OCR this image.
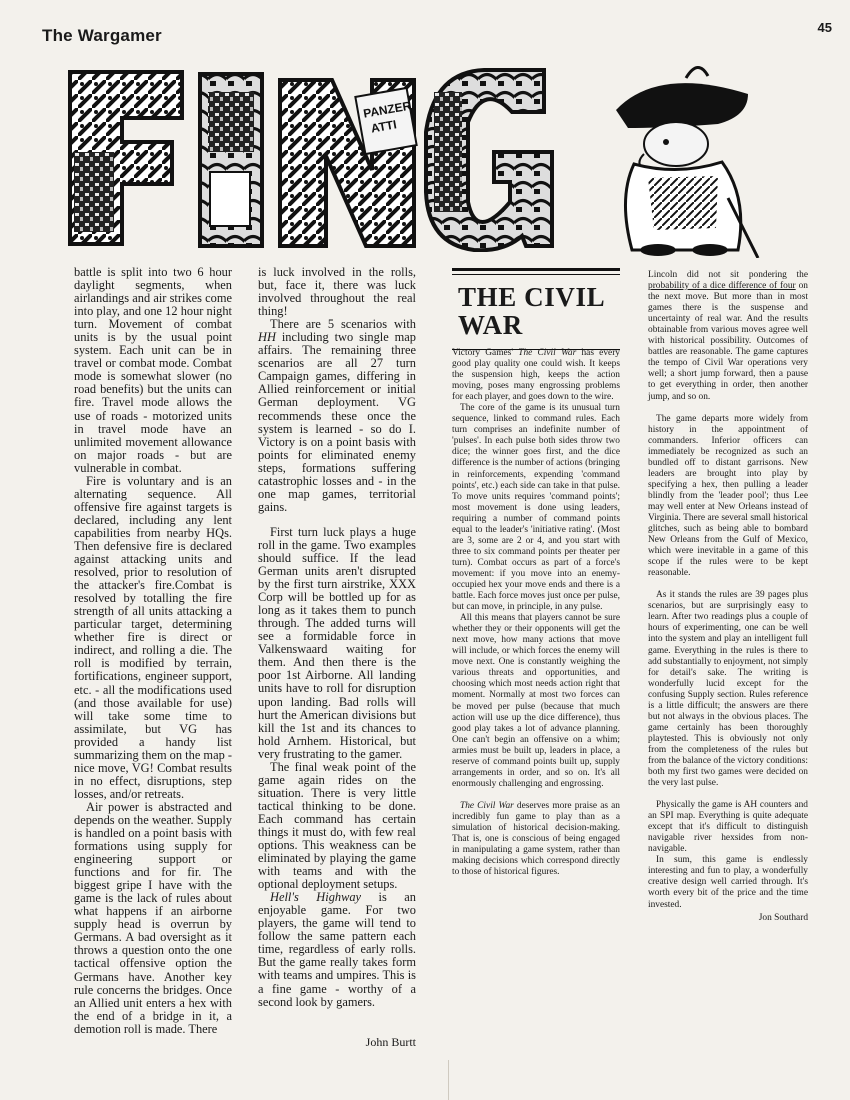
The Wargamer	45
PANZER
ATTI

battle is split into two 6 hour daylight segments, when airlandings and air strikes come into play, and one 12 hour night turn. Movement of combat units is by the usual point system. Each unit can be in travel or combat mode. Combat mode is somewhat slower (no road benefits) but the units can fire. Travel mode allows the use of roads - motorized units in travel mode have an unlimited movement allowance on major roads - but are vulnerable in combat.

Fire is voluntary and is an alternating sequence. All offensive fire against targets is declared, including any lent capabilities from nearby HQs. Then defensive fire is declared against attacking units and resolved, prior to resolution of the attacker's fire.Combat is resolved by totalling the fire strength of all units attacking a particular target, determining whether fire is direct or indirect, and rolling a die. The roll is modified by terrain, fortifications, engineer support, etc. - all the modifications used (and those available for use) will take some time to assimilate, but VG has provided a handy list summarizing them on the map - nice move, VG! Combat results in no effect, disruptions, step losses, and/or retreats.

Air power is abstracted and depends on the weather. Supply is handled on a point basis with formations using supply for engineering support or functions and for fir. The biggest gripe I have with the game is the lack of rules about what happens if an airborne supply head is overrun by Germans. A bad oversight as it throws a question onto the one tactical offensive option the Germans have. Another key rule concerns the bridges. Once an Allied unit enters a hex with the end of a bridge in it, a demotion roll is made. There

is luck involved in the rolls, but, face it, there was luck involved throughout the real thing!

There are 5 scenarios with HH including two single map affairs. The remaining three scenarios are all 27 turn Campaign games, differing in Allied reinforcement or initial German deployment. VG recommends these once the system is learned - so do I. Victory is on a point basis with points for eliminated enemy steps, formations suffering catastrophic losses and - in the one map games, territorial gains.

First turn luck plays a huge roll in the game. Two examples should suffice. If the lead German units aren't disrupted by the first turn airstrike, XXX Corp will be bottled up for as long as it takes them to punch through. The added turns will see a formidable force in Valkenswaard waiting for them. And then there is the poor 1st Airborne. All landing units have to roll for disruption upon landing. Bad rolls will hurt the American divisions but kill the 1st and its chances to hold Arnhem. Historical, but very frustrating to the gamer.

The final weak point of the game again rides on the situation. There is very little tactical thinking to be done. Each command has certain things it must do, with few real options. This weakness can be eliminated by playing the game with teams and with the optional deployment setups.

Hell's Highway is an enjoyable game. For two players, the game will tend to follow the same pattern each time, regardless of early rolls. But the game really takes form with teams and umpires. This is a fine game - worthy of a second look by gamers.

John Burtt
THE CIVIL WAR

Victory Games' The Civil War has every good play quality one could wish. It keeps the suspension high, keeps the action moving, poses many engrossing problems for each player, and goes down to the wire.

The core of the game is its unusual turn sequence, linked to command rules. Each turn comprises an indefinite number of 'pulses'. In each pulse both sides throw two dice; the winner goes first, and the dice difference is the number of actions (bringing in reinforcements, expending 'command points', etc.) each side can take in that pulse. To move units requires 'command points'; most movement is done using leaders, requiring a number of command points equal to the leader's 'initiative rating'. (Most are 3, some are 2 or 4, and you start with three to six command points per theater per turn). Combat occurs as part of a force's movement: if you move into an enemy-occupied hex your move ends and there is a battle. Each force moves just once per pulse, but can move, in principle, in any pulse.

All this means that players cannot be sure whether they or their opponents will get the next move, how many actions that move will include, or which forces the enemy will move next. One is constantly weighing the various threats and opportunities, and choosing which most needs action right that moment. Normally at most two forces can be moved per pulse (because that much action will use up the dice difference), thus good play takes a lot of advance planning. One can't begin an offensive on a whim; armies must be built up, leaders in place, a reserve of command points built up, supply arrangements in order, and so on. It's all enormously challenging and engrossing.

The Civil War deserves more praise as an incredibly fun game to play than as a simulation of historical decision-making. That is, one is conscious of being engaged in manipulating a game system, rather than making decisions which correspond directly to those of historical figures.

Lincoln did not sit pondering the probability of a dice difference of four on the next move. But more than in most games there is the suspense and uncertainty of real war. And the results obtainable from various moves agree well with historical possibility. Outcomes of battles are reasonable. The game captures the tempo of Civil War operations very well; a short jump forward, then a pause to get everything in order, then another jump, and so on.

The game departs more widely from history in the appointment of commanders. Inferior officers can immediately be recognized as such an bundled off to distant garrisons. New leaders are brought into play by specifying a hex, then pulling a leader blindly from the 'leader pool'; thus Lee may well enter at New Orleans instead of Virginia. There are several small historical glitches, such as being able to bombard New Orleans from the Gulf of Mexico, which were inevitable in a game of this scope if the rules were to be kept reasonable.

As it stands the rules are 39 pages plus scenarios, but are surprisingly easy to learn. After two readings plus a couple of hours of experimenting, one can be well into the system and play an intelligent full game. Everything in the rules is there to add substantially to enjoyment, not simply for detail's sake. The writing is wonderfully lucid except for the confusing Supply section. Rules reference is a little difficult; the answers are there but not always in the obvious places. The game certainly has been thoroughly playtested. This is obviously not only from the completeness of the rules but from the balance of the victory conditions: both my first two games were decided on the very last pulse.

Physically the game is AH counters and an SPI map. Everything is quite adequate except that it's difficult to distinguish navigable river hexsides from non-navigable.

In sum, this game is endlessly interesting and fun to play, a wonderfully creative design well carried through. It's worth every bit of the price and the time invested.

Jon Southard
